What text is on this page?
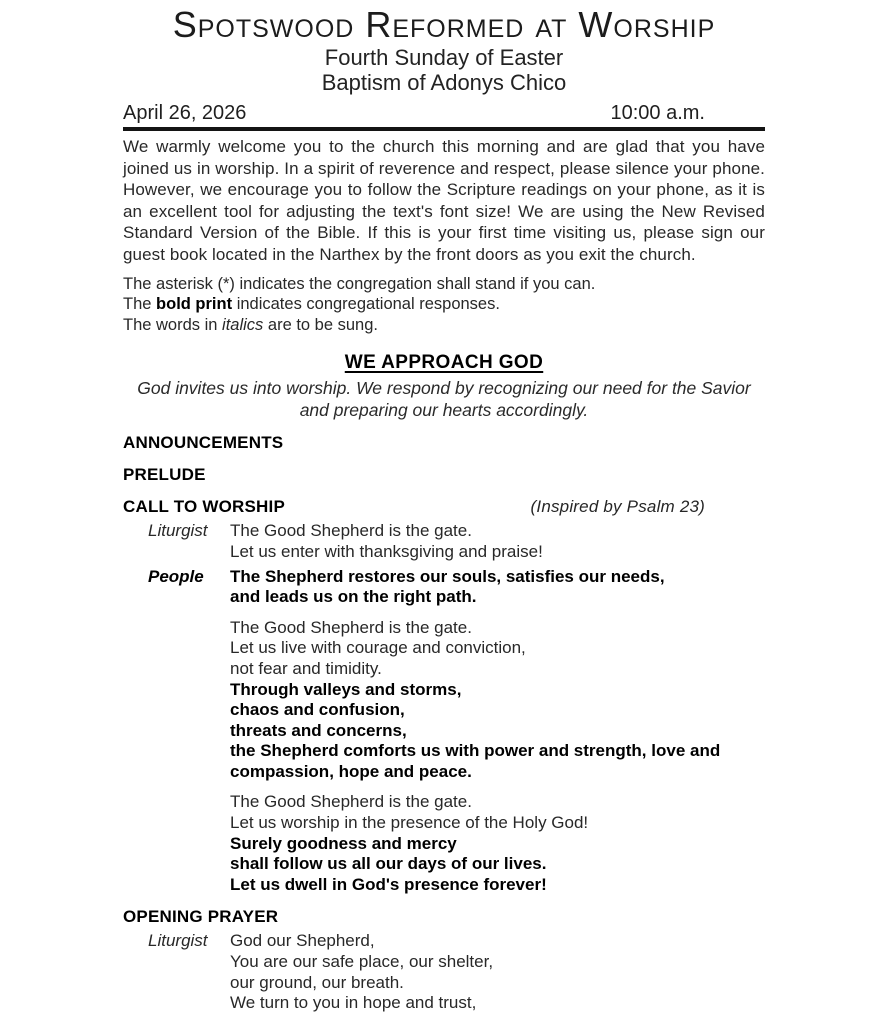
Spotswood Reformed at Worship
Fourth Sunday of Easter
Baptism of Adonys Chico
April 26, 2026	10:00 a.m.

We warmly welcome you to the church this morning and are glad that you have joined us in worship. In a spirit of reverence and respect, please silence your phone. However, we encourage you to follow the Scripture readings on your phone, as it is an excellent tool for adjusting the text's font size! We are using the New Revised Standard Version of the Bible. If this is your first time visiting us, please sign our guest book located in the Narthex by the front doors as you exit the church.

The asterisk (*) indicates the congregation shall stand if you can.
The bold print indicates congregational responses.
The words in italics are to be sung.
WE APPROACH GOD

God invites us into worship. We respond by recognizing our need for the Savior and preparing our hearts accordingly.

ANNOUNCEMENTS
PRELUDE
CALL TO WORSHIP	(Inspired by Psalm 23)
Liturgist	The Good Shepherd is the gate.
Let us enter with thanksgiving and praise!
People	The Shepherd restores our souls, satisfies our needs,
and leads us on the right path.
The Good Shepherd is the gate.
Let us live with courage and conviction,
not fear and timidity.
Through valleys and storms,
chaos and confusion,
threats and concerns,
the Shepherd comforts us with power and strength, love and
compassion, hope and peace.
The Good Shepherd is the gate.
Let us worship in the presence of the Holy God!
Surely goodness and mercy
shall follow us all our days of our lives.
Let us dwell in God's presence forever!
OPENING PRAYER
Liturgist	God our Shepherd,
You are our safe place, our shelter,
our ground, our breath.
We turn to you in hope and trust,
